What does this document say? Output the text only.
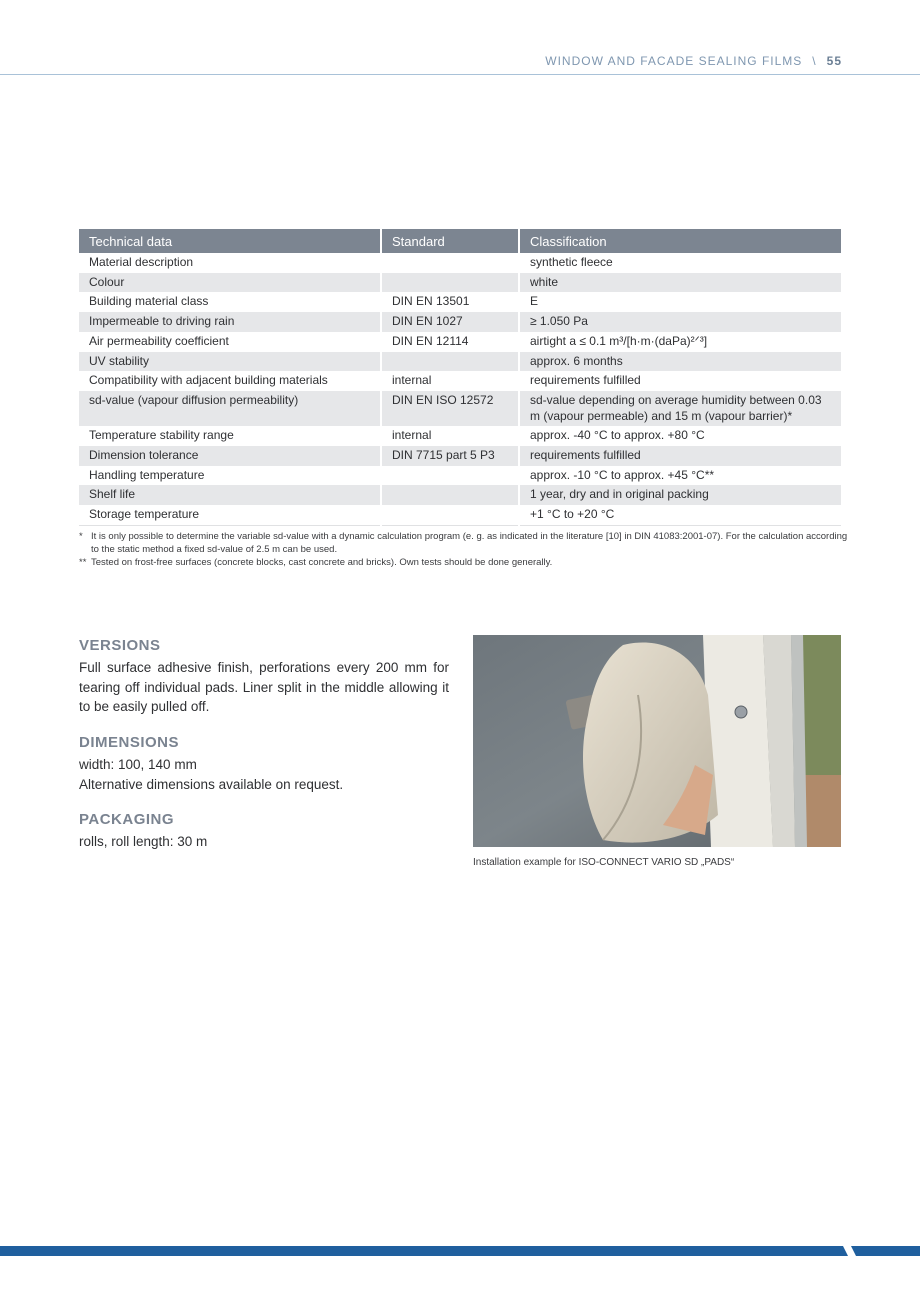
WINDOW AND FACADE SEALING FILMS \ 55
Technical data	Standard	Classification
Material description		synthetic fleece
Colour		white
Building material class	DIN EN 13501	E
Impermeable to driving rain	DIN EN 1027	≥ 1.050 Pa
Air permeability coefficient	DIN EN 12114	airtight a ≤ 0.1 m³/[h·m·(daPa)²ᐟ³]
UV stability		approx. 6 months
Compatibility with adjacent building materials	internal	requirements fulfilled
sd-value (vapour diffusion permeability)	DIN EN ISO 12572	sd-value depending on average humidity between 0.03 m (vapour permeable) and 15 m (vapour barrier)*
Temperature stability range	internal	approx. -40 °C to approx. +80 °C
Dimension tolerance	DIN 7715 part 5 P3	requirements fulfilled
Handling temperature		approx. -10 °C to approx. +45 °C**
Shelf life		1 year, dry and in original packing
Storage temperature		+1 °C to +20 °C
* It is only possible to determine the variable sd-value with a dynamic calculation program (e. g. as indicated in the literature [10] in DIN 41083:2001-07). For the calculation according to the static method a fixed sd-value of 2.5 m can be used.
** Tested on frost-free surfaces (concrete blocks, cast concrete and bricks). Own tests should be done generally.
VERSIONS

Full surface adhesive finish, perforations every 200 mm for tearing off individual pads. Liner split in the middle allowing it to be easily pulled off.

DIMENSIONS

width: 100, 140 mm

Alternative dimensions available on request.

PACKAGING

rolls, roll length: 30 m

Installation example for ISO-CONNECT VARIO SD „PADS“
